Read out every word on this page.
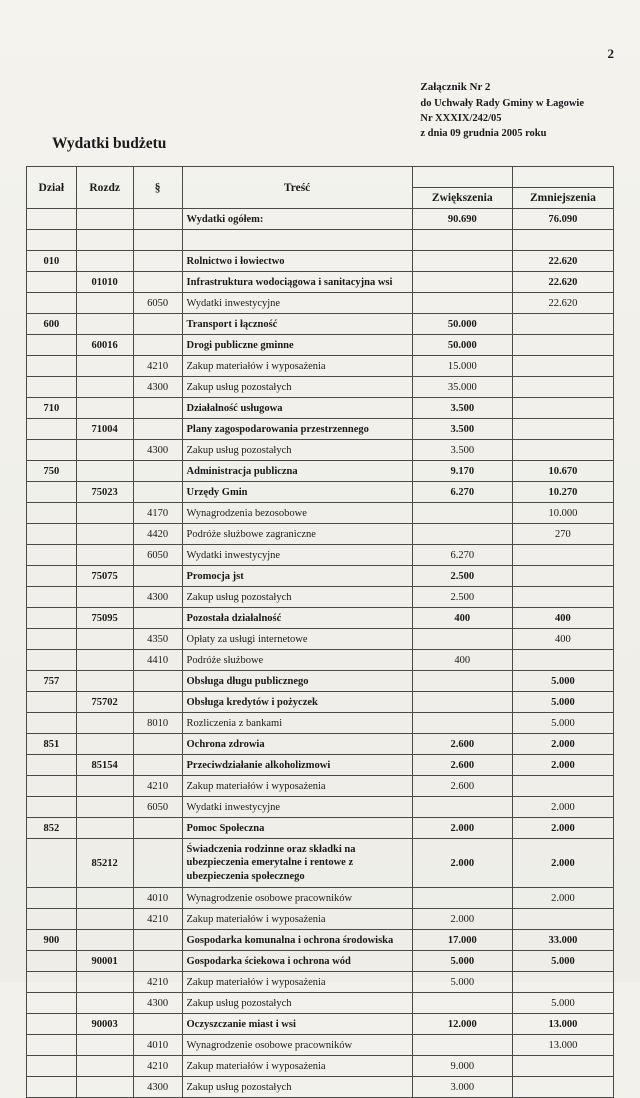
2
Załącznik Nr 2
do Uchwały Rady Gminy w Łagowie
Nr XXXIX/242/05
z dnia 09 grudnia 2005 roku
Wydatki budżetu
Dział	Rozdz	§	Treść		
				Zwiększenia	Zmniejszenia
			Wydatki ogółem:	90.690	76.090

010			Rolnictwo i łowiectwo		22.620
	01010		Infrastruktura wodociągowa i sanitacyjna wsi		22.620
		6050	Wydatki inwestycyjne		22.620
600			Transport i łączność	50.000	
	60016		Drogi publiczne gminne	50.000	
		4210	Zakup materiałów i wyposażenia	15.000	
		4300	Zakup usług pozostałych	35.000	
710			Działalność usługowa	3.500	
	71004		Plany zagospodarowania przestrzennego	3.500	
		4300	Zakup usług pozostałych	3.500	
750			Administracja publiczna	9.170	10.670
	75023		Urzędy Gmin	6.270	10.270
		4170	Wynagrodzenia bezosobowe		10.000
		4420	Podróże służbowe zagraniczne		270
		6050	Wydatki inwestycyjne	6.270	
	75075		Promocja jst	2.500	
		4300	Zakup usług pozostałych	2.500	
	75095		Pozostała działalność	400	400
		4350	Opłaty za usługi internetowe		400
		4410	Podróże służbowe	400	
757			Obsługa długu publicznego		5.000
	75702		Obsługa kredytów i pożyczek		5.000
		8010	Rozliczenia z bankami		5.000
851			Ochrona zdrowia	2.600	2.000
	85154		Przeciwdziałanie alkoholizmowi	2.600	2.000
		4210	Zakup materiałów i wyposażenia	2.600	
		6050	Wydatki inwestycyjne		2.000
852			Pomoc Społeczna	2.000	2.000
	85212		Świadczenia rodzinne oraz składki na ubezpieczenia emerytalne i rentowe z ubezpieczenia społecznego	2.000	2.000
		4010	Wynagrodzenie osobowe pracowników		2.000
		4210	Zakup materiałów i wyposażenia	2.000	
900			Gospodarka komunalna i ochrona środowiska	17.000	33.000
	90001		Gospodarka ściekowa i ochrona wód	5.000	5.000
		4210	Zakup materiałów i wyposażenia	5.000	
		4300	Zakup usług pozostałych		5.000
	90003		Oczyszczanie miast i wsi	12.000	13.000
		4010	Wynagrodzenie osobowe pracowników		13.000
		4210	Zakup materiałów i wyposażenia	9.000	
		4300	Zakup usług pozostałych	3.000	
